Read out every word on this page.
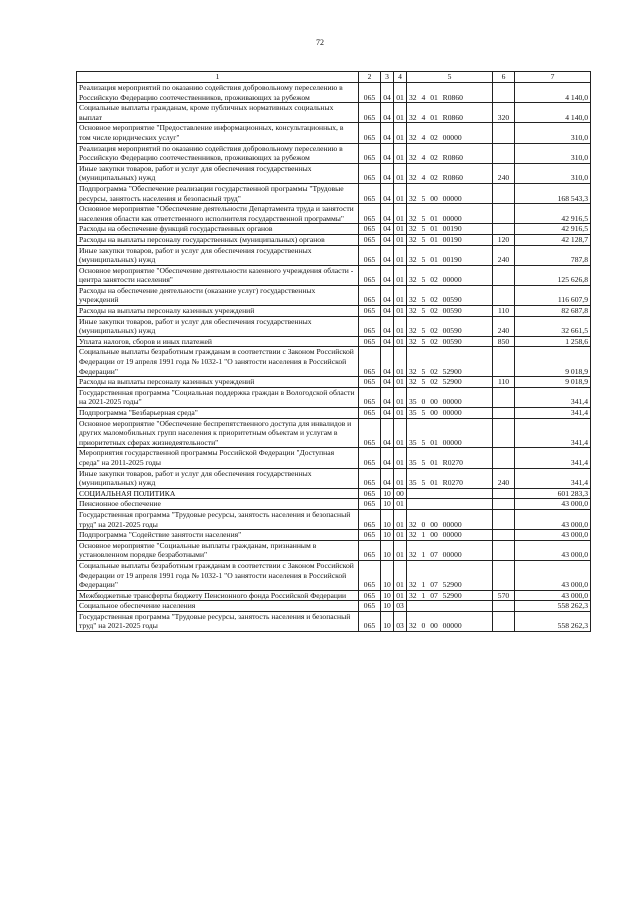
72
1	2	3	4	5	6	7
Реализация мероприятий по оказанию содействия добровольному переселению в Российскую Федерацию соотечественников, проживающих за рубежом	065	04	01	32 4 01 R0860		4 140,0
Социальные выплаты гражданам, кроме публичных нормативных социальных выплат	065	04	01	32 4 01 R0860	320	4 140,0
Основное мероприятие "Предоставление информационных, консультационных, в том числе юридических услуг"	065	04	01	32 4 02 00000		310,0
Реализация мероприятий по оказанию содействия добровольному переселению в Российскую Федерацию соотечественников, проживающих за рубежом	065	04	01	32 4 02 R0860		310,0
Иные закупки товаров, работ и услуг для обеспечения государственных (муниципальных) нужд	065	04	01	32 4 02 R0860	240	310,0
Подпрограмма "Обеспечение реализации государственной программы "Трудовые ресурсы, занятость населения и безопасный труд"	065	04	01	32 5 00 00000		168 543,3
Основное мероприятие "Обеспечение деятельности Департамента труда и занятости населения области как ответственного исполнителя государственной программы"	065	04	01	32 5 01 00000		42 916,5
Расходы на обеспечение функций государственных органов	065	04	01	32 5 01 00190		42 916,5
Расходы на выплаты персоналу государственных (муниципальных) органов	065	04	01	32 5 01 00190	120	42 128,7
Иные закупки товаров, работ и услуг для обеспечения государственных (муниципальных) нужд	065	04	01	32 5 01 00190	240	787,8
Основное мероприятие "Обеспечение деятельности казенного учреждения области - центра занятости населения"	065	04	01	32 5 02 00000		125 626,8
Расходы на обеспечение деятельности (оказание услуг) государственных учреждений	065	04	01	32 5 02 00590		116 607,9
Расходы на выплаты персоналу казенных учреждений	065	04	01	32 5 02 00590	110	82 687,8
Иные закупки товаров, работ и услуг для обеспечения государственных (муниципальных) нужд	065	04	01	32 5 02 00590	240	32 661,5
Уплата налогов, сборов и иных платежей	065	04	01	32 5 02 00590	850	1 258,6
Социальные выплаты безработным гражданам в соответствии с Законом Российской Федерации от 19 апреля 1991 года № 1032-1 "О занятости населения в Российской Федерации"	065	04	01	32 5 02 52900		9 018,9
Расходы на выплаты персоналу казенных учреждений	065	04	01	32 5 02 52900	110	9 018,9
Государственная программа "Социальная поддержка граждан в Вологодской области на 2021-2025 годы"	065	04	01	35 0 00 00000		341,4
Подпрограмма "Безбарьерная среда"	065	04	01	35 5 00 00000		341,4
Основное мероприятие "Обеспечение беспрепятственного доступа для инвалидов и других маломобильных групп населения к приоритетным объектам и услугам в приоритетных сферах жизнедеятельности"	065	04	01	35 5 01 00000		341,4
Мероприятия государственной программы Российской Федерации "Доступная среда" на 2011-2025 годы	065	04	01	35 5 01 R0270		341,4
Иные закупки товаров, работ и услуг для обеспечения государственных (муниципальных) нужд	065	04	01	35 5 01 R0270	240	341,4
СОЦИАЛЬНАЯ ПОЛИТИКА	065	10	00			601 283,3
Пенсионное обеспечение	065	10	01			43 000,0
Государственная программа "Трудовые ресурсы, занятость населения и безопасный труд" на 2021-2025 годы	065	10	01	32 0 00 00000		43 000,0
Подпрограмма "Содействие занятости населения"	065	10	01	32 1 00 00000		43 000,0
Основное мероприятие "Социальные выплаты гражданам, признанным в установленном порядке безработными"	065	10	01	32 1 07 00000		43 000,0
Социальные выплаты безработным гражданам в соответствии с Законом Российской Федерации от 19 апреля 1991 года № 1032-1 "О занятости населения в Российской Федерации"	065	10	01	32 1 07 52900		43 000,0
Межбюджетные трансферты бюджету Пенсионного фонда Российской Федерации	065	10	01	32 1 07 52900	570	43 000,0
Социальное обеспечение населения	065	10	03			558 262,3
Государственная программа "Трудовые ресурсы, занятость населения и безопасный труд" на 2021-2025 годы	065	10	03	32 0 00 00000		558 262,3
